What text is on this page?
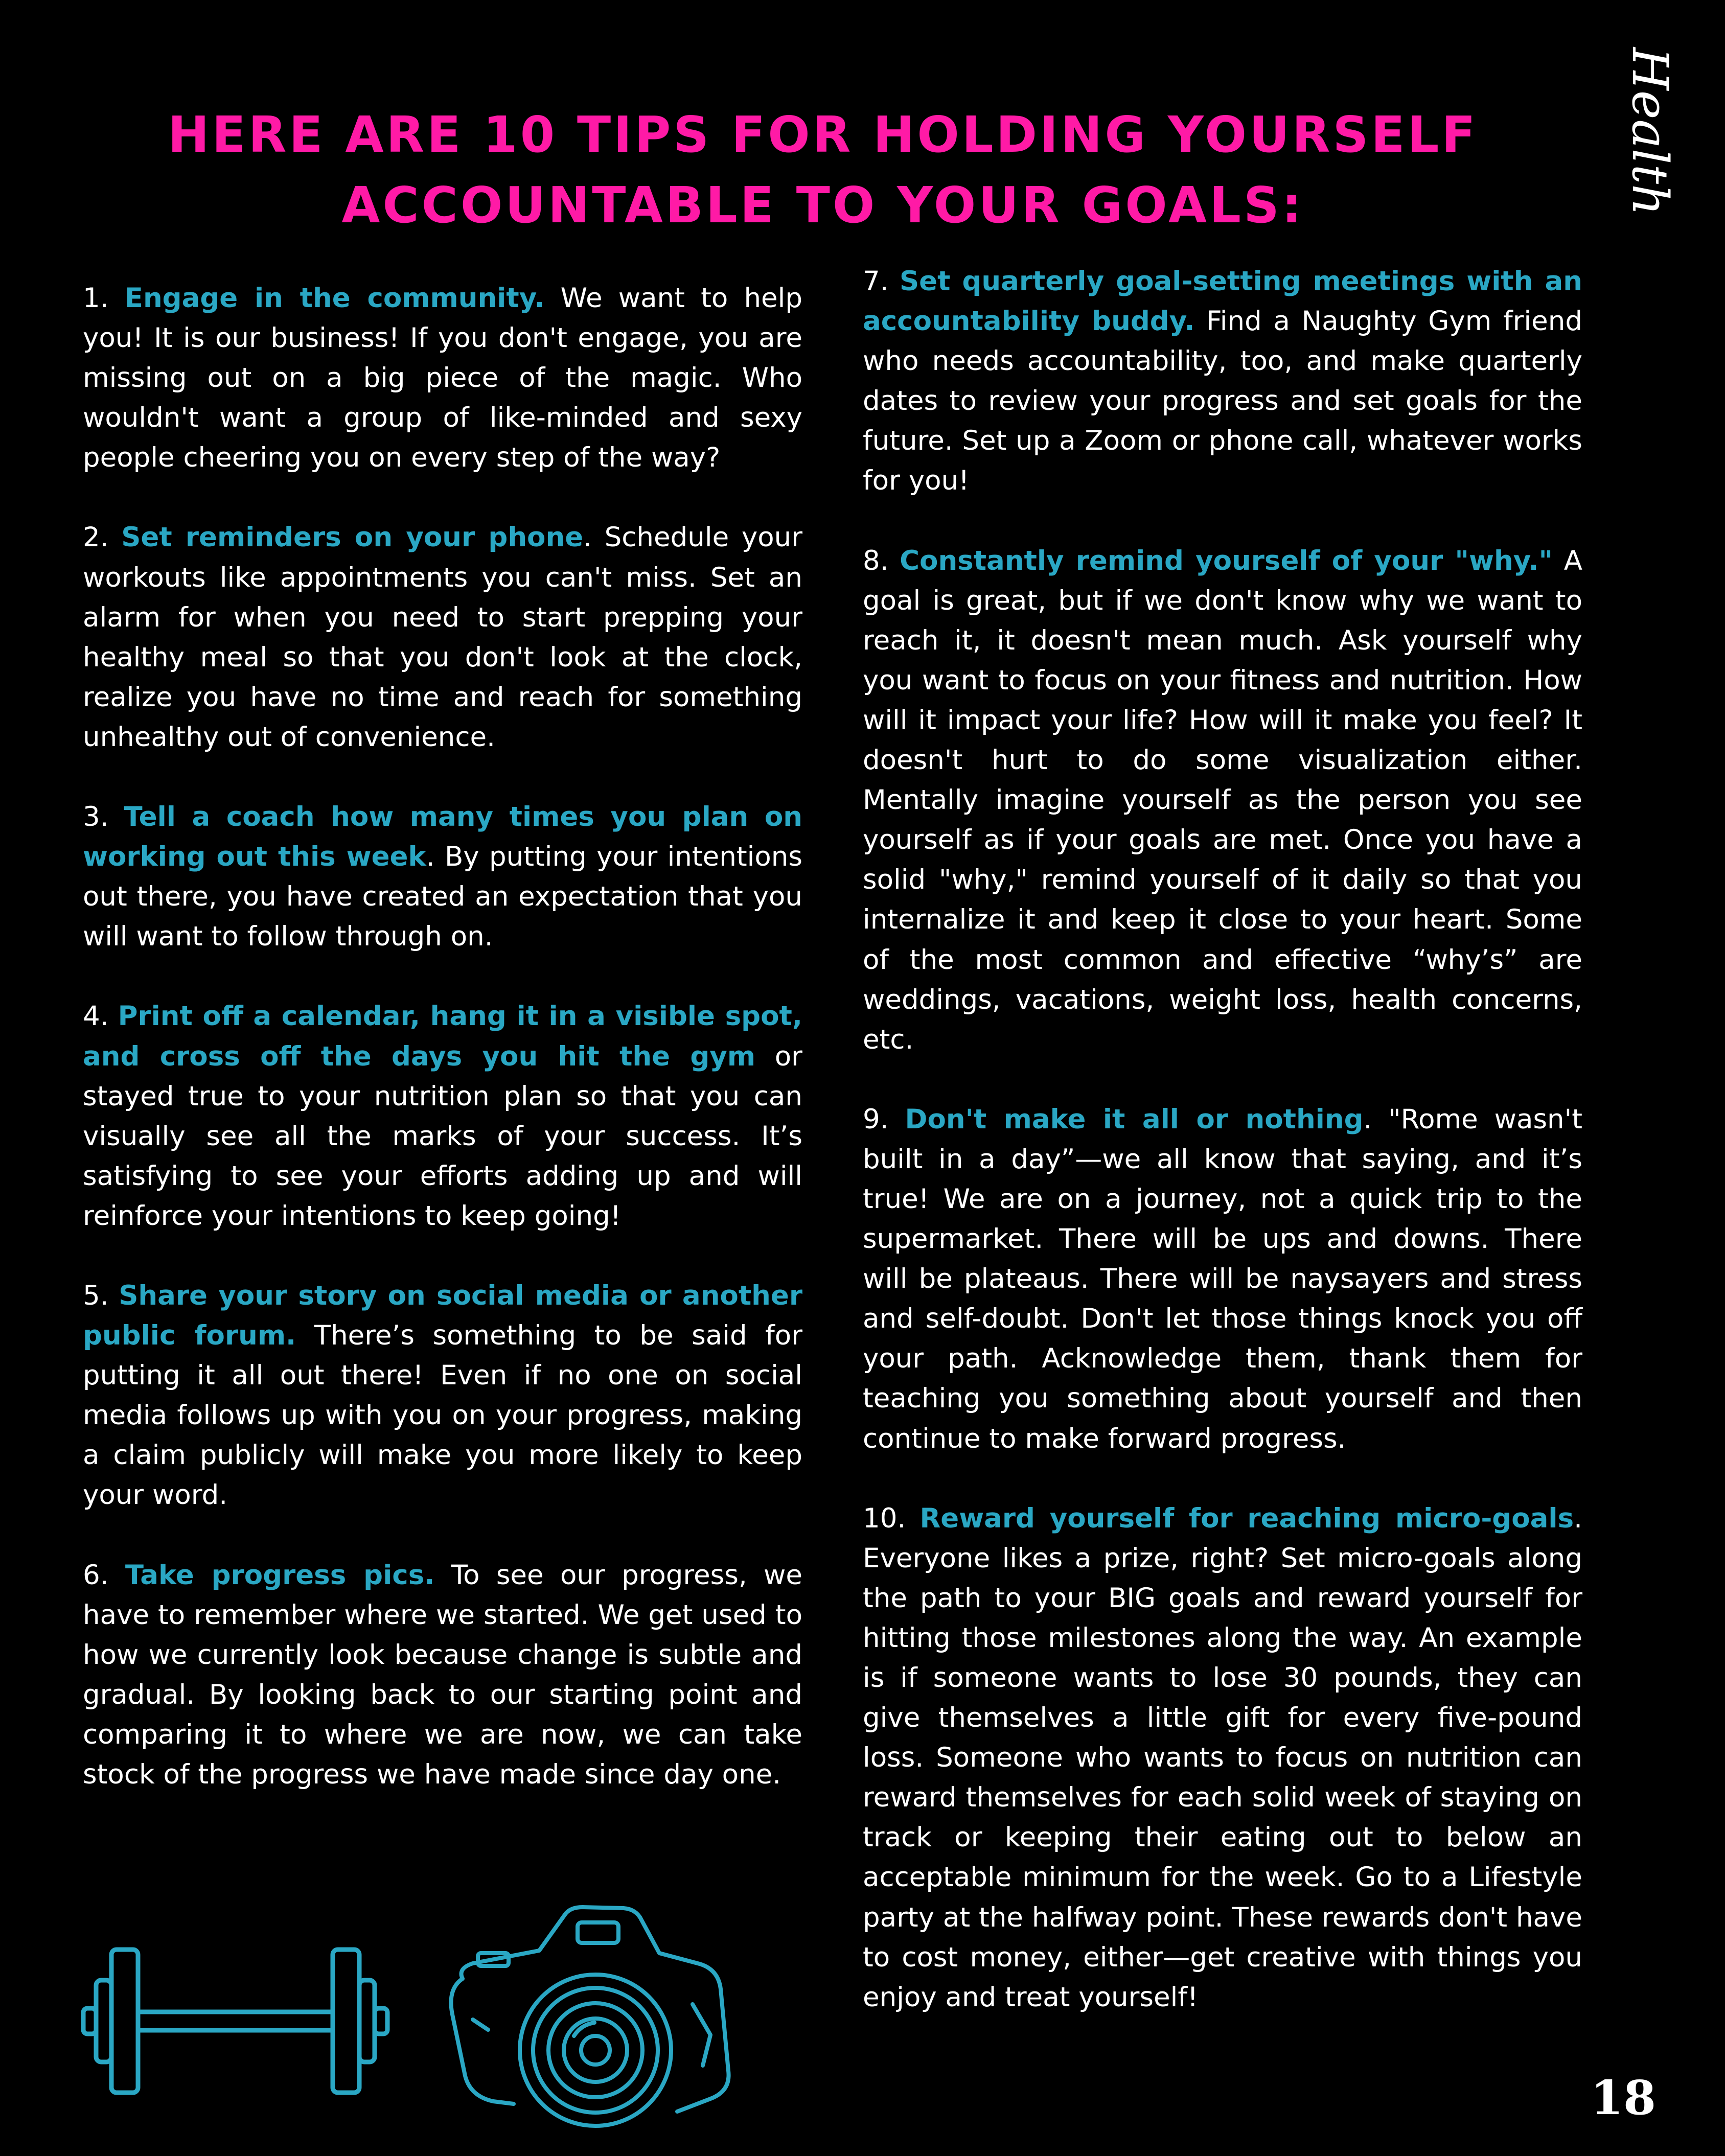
Health
HERE ARE 10 TIPS FOR HOLDING YOURSELF
ACCOUNTABLE TO YOUR GOALS:

1. Engage in the community. We want to help you! It is our business! If you don't engage, you are missing out on a big piece of the magic. Who wouldn't want a group of like-minded and sexy people cheering you on every step of the way?

2. Set reminders on your phone. Schedule your workouts like appointments you can't miss. Set an alarm for when you need to start prepping your healthy meal so that you don't look at the clock, realize you have no time and reach for something unhealthy out of convenience.

3. Tell a coach how many times you plan on working out this week. By putting your intentions out there, you have created an expectation that you will want to follow through on.

4. Print off a calendar, hang it in a visible spot, and cross off the days you hit the gym or stayed true to your nutrition plan so that you can visually see all the marks of your success. It’s satisfying to see your efforts adding up and will reinforce your intentions to keep going!

5. Share your story on social media or another public forum. There’s something to be said for putting it all out there! Even if no one on social media follows up with you on your progress, making a claim publicly will make you more likely to keep your word.

6. Take progress pics. To see our progress, we have to remember where we started. We get used to how we currently look because change is subtle and gradual. By looking back to our starting point and comparing it to where we are now, we can take stock of the progress we have made since day one.

7. Set quarterly goal-setting meetings with an accountability buddy. Find a Naughty Gym friend who needs accountability, too, and make quarterly dates to review your progress and set goals for the future. Set up a Zoom or phone call, whatever works for you!

8. Constantly remind yourself of your "why." A goal is great, but if we don't know why we want to reach it, it doesn't mean much. Ask yourself why you want to focus on your fitness and nutrition. How will it impact your life? How will it make you feel? It doesn't hurt to do some visualization either. Mentally imagine yourself as the person you see yourself as if your goals are met. Once you have a solid "why," remind yourself of it daily so that you internalize it and keep it close to your heart. Some of the most common and effective “why’s” are weddings, vacations, weight loss, health concerns, etc.

9. Don't make it all or nothing. "Rome wasn't built in a day”—we all know that saying, and it’s true! We are on a journey, not a quick trip to the supermarket. There will be ups and downs. There will be plateaus. There will be naysayers and stress and self-doubt. Don't let those things knock you off your path. Acknowledge them, thank them for teaching you something about yourself and then continue to make forward progress.

10. Reward yourself for reaching micro-goals. Everyone likes a prize, right? Set micro-goals along the path to your BIG goals and reward yourself for hitting those milestones along the way. An example is if someone wants to lose 30 pounds, they can give themselves a little gift for every five-pound loss. Someone who wants to focus on nutrition can reward themselves for each solid week of staying on track or keeping their eating out to below an acceptable minimum for the week. Go to a Lifestyle party at the halfway point. These rewards don't have to cost money, either—get creative with things you enjoy and treat yourself!

18
